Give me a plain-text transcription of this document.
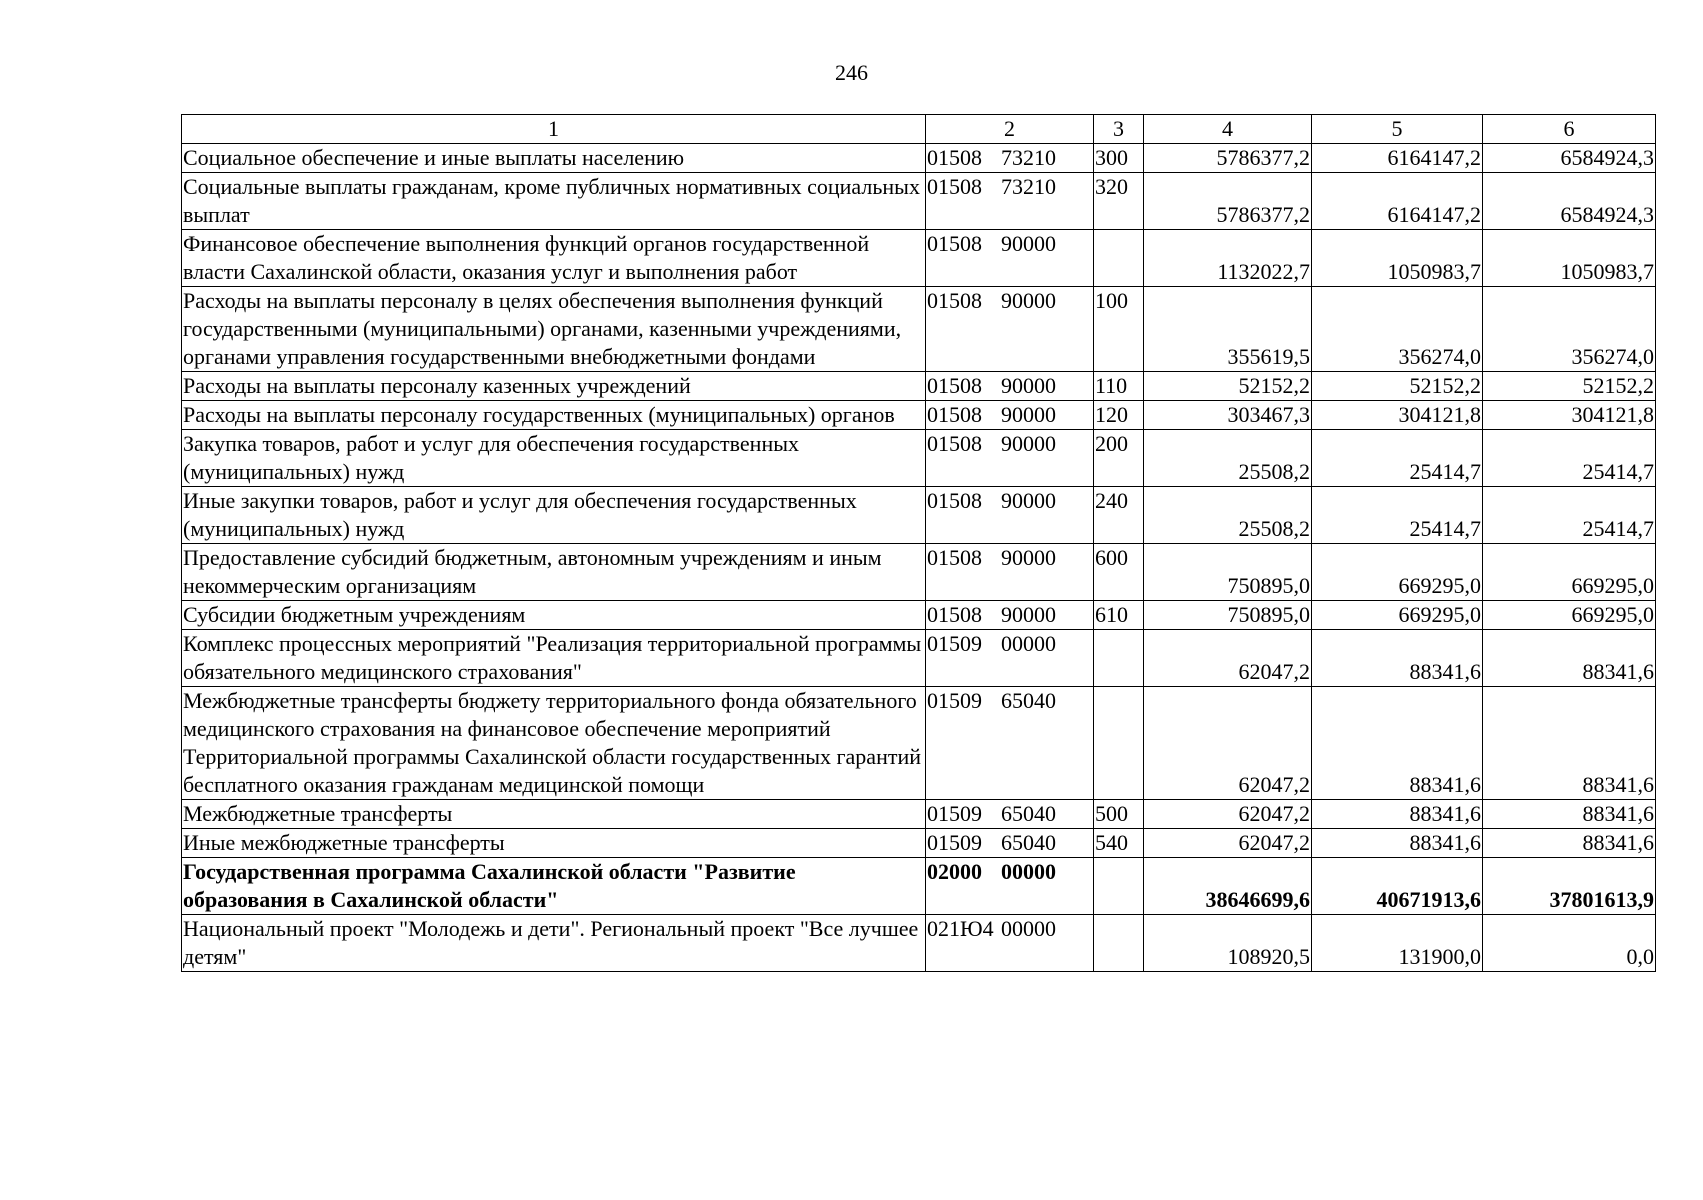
246
1	2	3	4	5	6
Социальное обеспечение и иные выплаты населению	01508 73210	300	5786377,2	6164147,2	6584924,3
Социальные выплаты гражданам, кроме публичных нормативных социальных выплат	01508 73210	320	5786377,2	6164147,2	6584924,3
Финансовое обеспечение выполнения функций органов государственной власти Сахалинской области, оказания услуг и выполнения работ	01508 90000		1132022,7	1050983,7	1050983,7
Расходы на выплаты персоналу в целях обеспечения выполнения функций государственными (муниципальными) органами, казенными учреждениями, органами управления государственными внебюджетными фондами	01508 90000	100	355619,5	356274,0	356274,0
Расходы на выплаты персоналу казенных учреждений	01508 90000	110	52152,2	52152,2	52152,2
Расходы на выплаты персоналу государственных (муниципальных) органов	01508 90000	120	303467,3	304121,8	304121,8
Закупка товаров, работ и услуг для обеспечения государственных (муниципальных) нужд	01508 90000	200	25508,2	25414,7	25414,7
Иные закупки товаров, работ и услуг для обеспечения государственных (муниципальных) нужд	01508 90000	240	25508,2	25414,7	25414,7
Предоставление субсидий бюджетным, автономным учреждениям и иным некоммерческим организациям	01508 90000	600	750895,0	669295,0	669295,0
Субсидии бюджетным учреждениям	01508 90000	610	750895,0	669295,0	669295,0
Комплекс процессных мероприятий "Реализация территориальной программы обязательного медицинского страхования"	01509 00000		62047,2	88341,6	88341,6
Межбюджетные трансферты бюджету территориального фонда обязательного медицинского страхования на финансовое обеспечение мероприятий Территориальной программы Сахалинской области государственных гарантий бесплатного оказания гражданам медицинской помощи	01509 65040		62047,2	88341,6	88341,6
Межбюджетные трансферты	01509 65040	500	62047,2	88341,6	88341,6
Иные межбюджетные трансферты	01509 65040	540	62047,2	88341,6	88341,6
Государственная программа Сахалинской области "Развитие образования в Сахалинской области"	02000 00000		38646699,6	40671913,6	37801613,9
Национальный проект "Молодежь и дети". Региональный проект "Все лучшее детям"	021Ю4 00000		108920,5	131900,0	0,0
